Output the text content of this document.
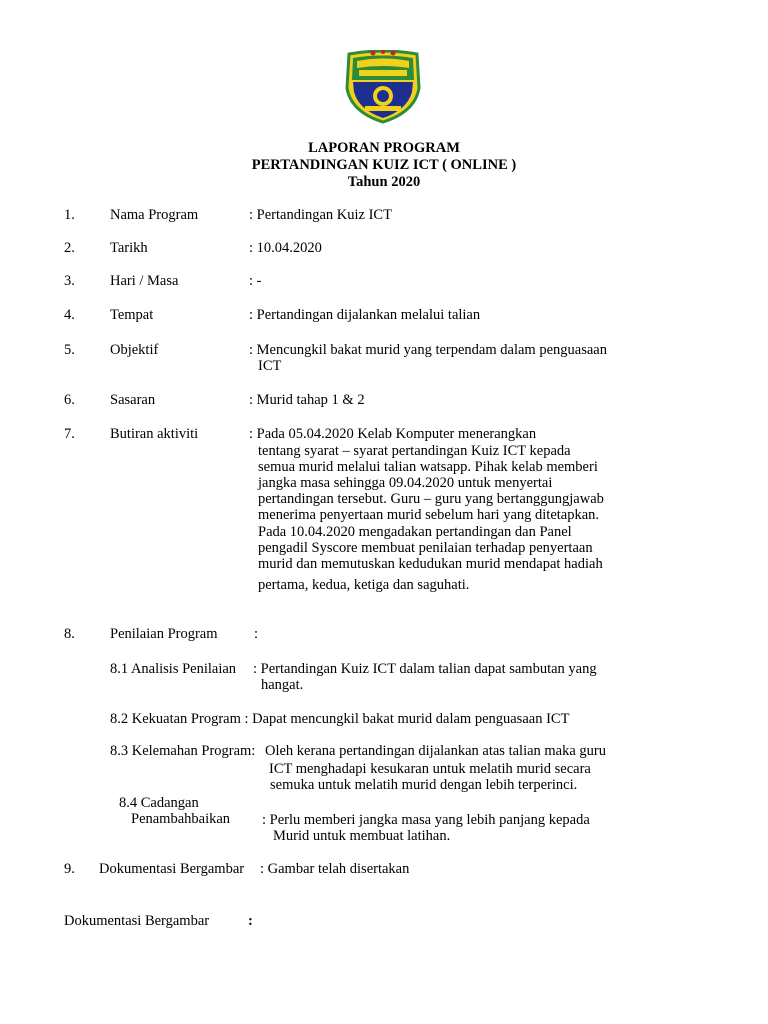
LAPORAN PROGRAM
PERTANDINGAN KUIZ ICT ( ONLINE )
Tahun 2020
1. Nama Program	: Pertandingan Kuiz ICT
2. Tarikh	: 10.04.2020
3. Hari / Masa	: -
4. Tempat	: Pertandingan dijalankan melalui talian
5. Objektif	: Mencungkil bakat murid yang terpendam dalam penguasaan
ICT
6. Sasaran	: Murid tahap 1 & 2
7. Butiran aktiviti	: Pada 05.04.2020 Kelab Komputer menerangkan
tentang syarat – syarat pertandingan Kuiz ICT kepada
semua murid melalui talian watsapp. Pihak kelab memberi
jangka masa sehingga 09.04.2020 untuk menyertai
pertandingan tersebut. Guru – guru yang bertanggungjawab
menerima penyertaan murid sebelum hari yang ditetapkan.
Pada 10.04.2020 mengadakan pertandingan dan Panel
pengadil Syscore membuat penilaian terhadap penyertaan
murid dan memutuskan kedudukan murid mendapat hadiah
pertama, kedua, ketiga dan saguhati.
8. Penilaian Program	:
8.1 Analisis Penilaian : Pertandingan Kuiz ICT dalam talian dapat sambutan yang
hangat.
8.2 Kekuatan Program : Dapat mencungkil bakat murid dalam penguasaan ICT
8.3 Kelemahan Program: Oleh kerana pertandingan dijalankan atas talian maka guru
ICT menghadapi kesukaran untuk melatih murid secara
semuka untuk melatih murid dengan lebih terperinci.
8.4 Cadangan
Penambahbaikan : Perlu memberi jangka masa yang lebih panjang kepada
Murid untuk membuat latihan.
9. Dokumentasi Bergambar : Gambar telah disertakan
Dokumentasi Bergambar	:
